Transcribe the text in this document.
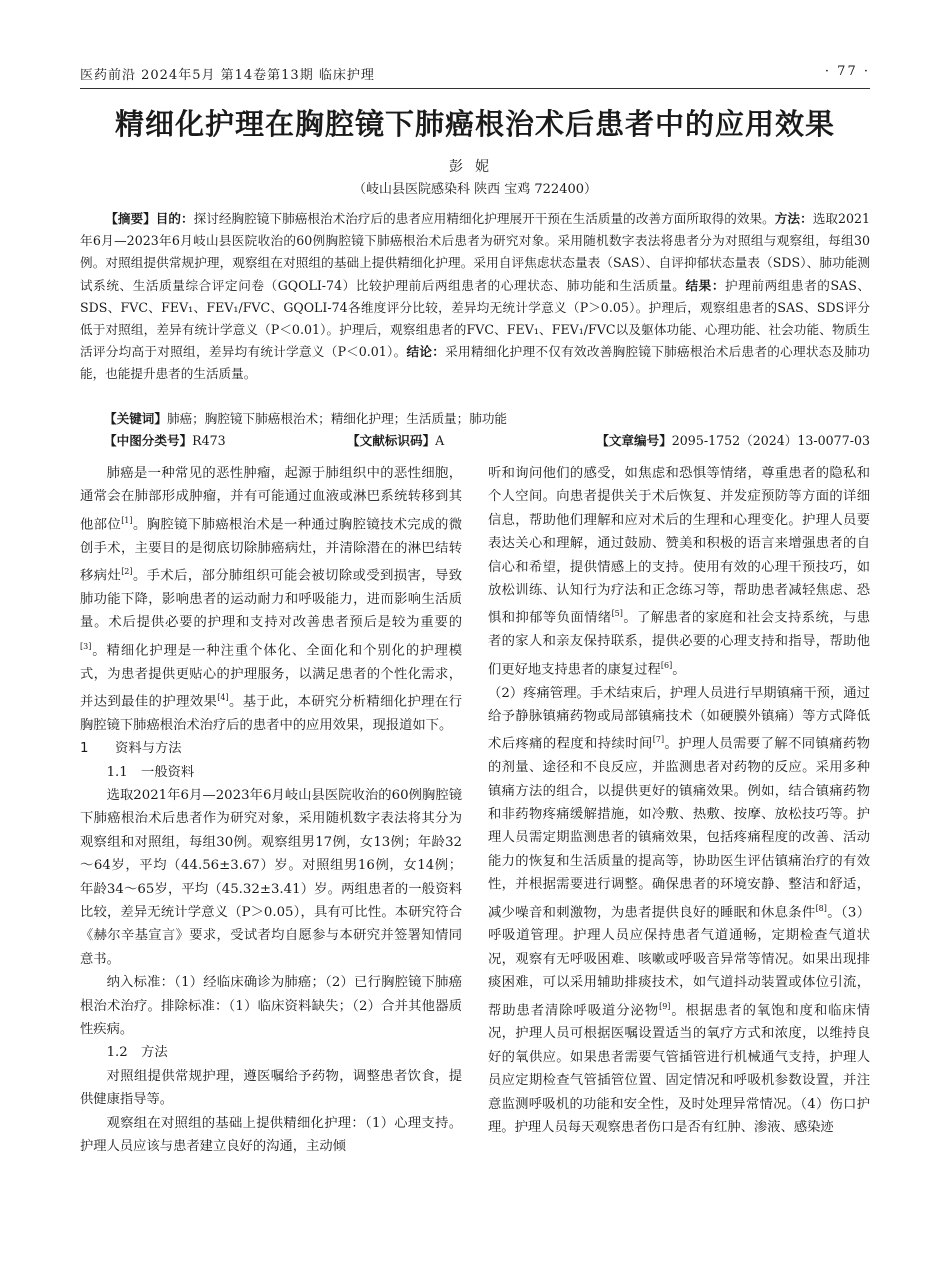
医药前沿 2024年5月 第14卷第13期 临床护理	· 77 ·
精细化护理在胸腔镜下肺癌根治术后患者中的应用效果
彭妮
（岐山县医院感染科 陕西 宝鸡 722400）
【摘要】目的：探讨经胸腔镜下肺癌根治术治疗后的患者应用精细化护理展开干预在生活质量的改善方面所取得的效果。方法：选取2021年6月—2023年6月岐山县医院收治的60例胸腔镜下肺癌根治术后患者为研究对象。采用随机数字表法将患者分为对照组与观察组，每组30例。对照组提供常规护理，观察组在对照组的基础上提供精细化护理。采用自评焦虑状态量表（SAS）、自评抑郁状态量表（SDS）、肺功能测试系统、生活质量综合评定问卷（GQOLI-74）比较护理前后两组患者的心理状态、肺功能和生活质量。结果：护理前两组患者的SAS、SDS、FVC、FEV₁、FEV₁/FVC、GQOLI-74各维度评分比较，差异均无统计学意义（P＞0.05）。护理后，观察组患者的SAS、SDS评分低于对照组，差异有统计学意义（P＜0.01）。护理后，观察组患者的FVC、FEV₁、FEV₁/FVC以及躯体功能、心理功能、社会功能、物质生活评分均高于对照组，差异均有统计学意义（P＜0.01）。结论：采用精细化护理不仅有效改善胸腔镜下肺癌根治术后患者的心理状态及肺功能，也能提升患者的生活质量。
【关键词】肺癌；胸腔镜下肺癌根治术；精细化护理；生活质量；肺功能
【中图分类号】R473	【文献标识码】A	【文章编号】2095-1752（2024）13-0077-03

肺癌是一种常见的恶性肿瘤，起源于肺组织中的恶性细胞，通常会在肺部形成肿瘤，并有可能通过血液或淋巴系统转移到其他部位[1]。胸腔镜下肺癌根治术是一种通过胸腔镜技术完成的微创手术，主要目的是彻底切除肺癌病灶，并清除潜在的淋巴结转移病灶[2]。手术后，部分肺组织可能会被切除或受到损害，导致肺功能下降，影响患者的运动耐力和呼吸能力，进而影响生活质量。术后提供必要的护理和支持对改善患者预后是较为重要的[3]。精细化护理是一种注重个体化、全面化和个别化的护理模式，为患者提供更贴心的护理服务，以满足患者的个性化需求，并达到最佳的护理效果[4]。基于此，本研究分析精细化护理在行胸腔镜下肺癌根治术治疗后的患者中的应用效果，现报道如下。

1　　资料与方法

1.1　一般资料

选取2021年6月—2023年6月岐山县医院收治的60例胸腔镜下肺癌根治术后患者作为研究对象，采用随机数字表法将其分为观察组和对照组，每组30例。观察组男17例，女13例；年龄32～64岁，平均（44.56±3.67）岁。对照组男16例，女14例；年龄34～65岁，平均（45.32±3.41）岁。两组患者的一般资料比较，差异无统计学意义（P＞0.05），具有可比性。本研究符合《赫尔辛基宣言》要求，受试者均自愿参与本研究并签署知情同意书。

纳入标准：（1）经临床确诊为肺癌；（2）已行胸腔镜下肺癌根治术治疗。排除标准：（1）临床资料缺失；（2）合并其他器质性疾病。

1.2　方法

对照组提供常规护理，遵医嘱给予药物，调整患者饮食，提供健康指导等。

观察组在对照组的基础上提供精细化护理：（1）心理支持。护理人员应该与患者建立良好的沟通，主动倾

听和询问他们的感受，如焦虑和恐惧等情绪，尊重患者的隐私和个人空间。向患者提供关于术后恢复、并发症预防等方面的详细信息，帮助他们理解和应对术后的生理和心理变化。护理人员要表达关心和理解，通过鼓励、赞美和积极的语言来增强患者的自信心和希望，提供情感上的支持。使用有效的心理干预技巧，如放松训练、认知行为疗法和正念练习等，帮助患者减轻焦虑、恐惧和抑郁等负面情绪[5]。了解患者的家庭和社会支持系统，与患者的家人和亲友保持联系，提供必要的心理支持和指导，帮助他们更好地支持患者的康复过程[6]。

（2）疼痛管理。手术结束后，护理人员进行早期镇痛干预，通过给予静脉镇痛药物或局部镇痛技术（如硬膜外镇痛）等方式降低术后疼痛的程度和持续时间[7]。护理人员需要了解不同镇痛药物的剂量、途径和不良反应，并监测患者对药物的反应。采用多种镇痛方法的组合，以提供更好的镇痛效果。例如，结合镇痛药物和非药物疼痛缓解措施，如冷敷、热敷、按摩、放松技巧等。护理人员需定期监测患者的镇痛效果，包括疼痛程度的改善、活动能力的恢复和生活质量的提高等，协助医生评估镇痛治疗的有效性，并根据需要进行调整。确保患者的环境安静、整洁和舒适，减少噪音和刺激物，为患者提供良好的睡眠和休息条件[8]。（3）呼吸道管理。护理人员应保持患者气道通畅，定期检查气道状况，观察有无呼吸困难、咳嗽或呼吸音异常等情况。如果出现排痰困难，可以采用辅助排痰技术，如气道抖动装置或体位引流，帮助患者清除呼吸道分泌物[9]。根据患者的氧饱和度和临床情况，护理人员可根据医嘱设置适当的氧疗方式和浓度，以维持良好的氧供应。如果患者需要气管插管进行机械通气支持，护理人员应定期检查气管插管位置、固定情况和呼吸机参数设置，并注意监测呼吸机的功能和安全性，及时处理异常情况。（4）伤口护理。护理人员每天观察患者伤口是否有红肿、渗液、感染迹
